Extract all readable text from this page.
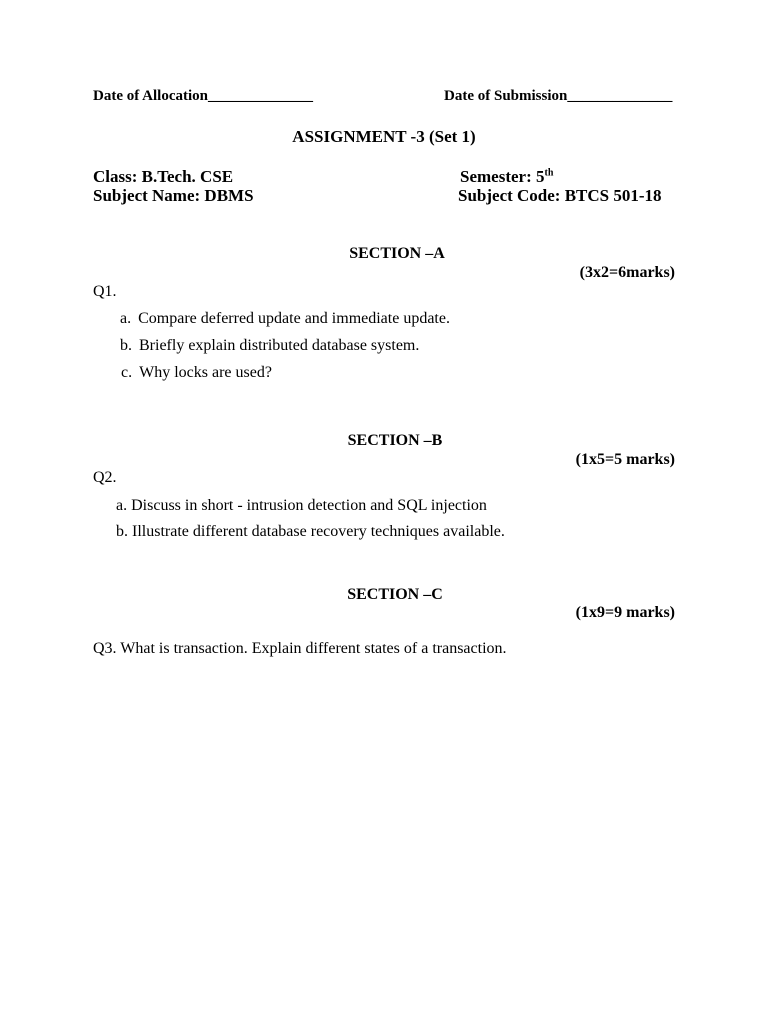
Date of Allocation______________	Date of Submission______________
ASSIGNMENT -3 (Set 1)
Class: B.Tech. CSE	Semester: 5th
Subject Name: DBMS	Subject Code: BTCS 501-18
SECTION –A
(3x2=6marks)
Q1.
a. Compare deferred update and immediate update.
b. Briefly explain distributed database system.
c. Why locks are used?
SECTION –B
(1x5=5 marks)
Q2.
a. Discuss in short - intrusion detection and SQL injection
b. Illustrate different database recovery techniques available.
SECTION –C
(1x9=9 marks)
Q3. What is transaction. Explain different states of a transaction.
